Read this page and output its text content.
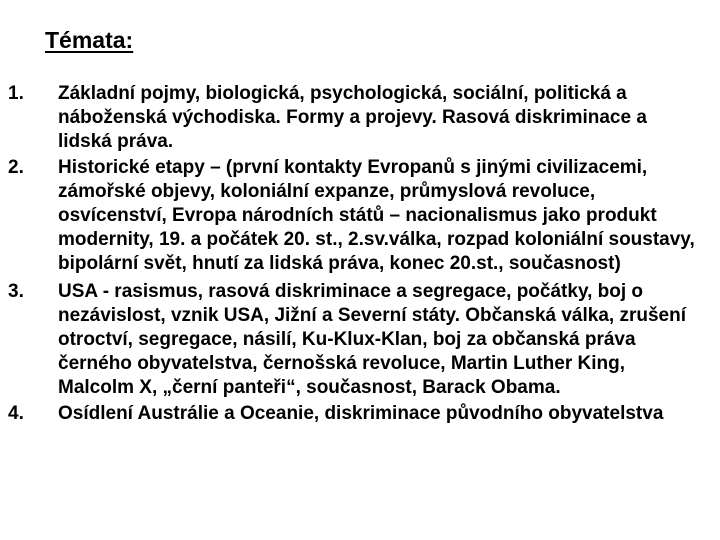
Témata:
1.	Základní pojmy, biologická, psychologická, sociální, politická a náboženská východiska. Formy a projevy. Rasová diskriminace a lidská práva.
2.	Historické etapy – (první kontakty Evropanů s jinými civilizacemi, zámořské objevy, koloniální expanze, průmyslová revoluce, osvícenství, Evropa národních států – nacionalismus jako produkt modernity, 19. a počátek 20. st., 2.sv.válka, rozpad koloniální soustavy, bipolární svět, hnutí za lidská práva, konec 20.st., současnost)
3.	USA - rasismus, rasová diskriminace a segregace, počátky, boj o nezávislost, vznik USA, Jižní a Severní státy. Občanská válka, zrušení otroctví, segregace, násilí, Ku-Klux-Klan, boj za občanská práva černého obyvatelstva, černošská revoluce, Martin Luther King, Malcolm X, „černí panteři“, současnost, Barack Obama.
4.	Osídlení Austrálie a Oceanie, diskriminace původního obyvatelstva
